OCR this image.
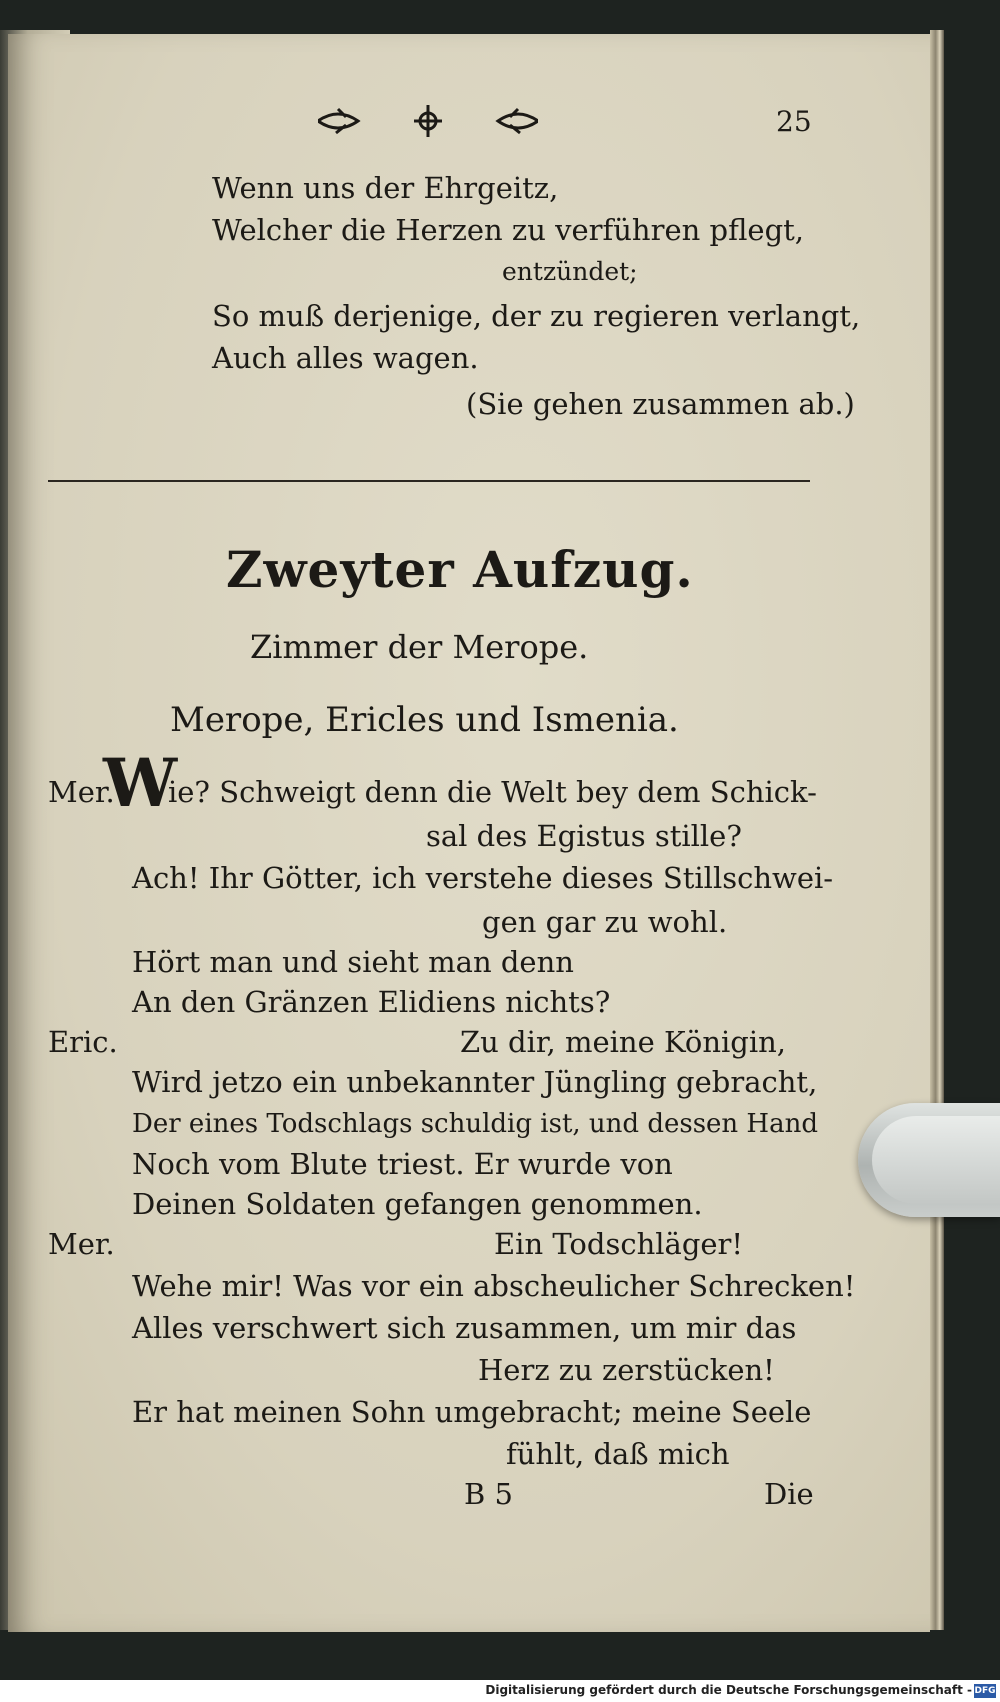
25
Wenn uns der Ehrgeitz,
Welcher die Herzen zu verführen pflegt,
entzündet;
So muß derjenige, der zu regieren verlangt,
Auch alles wagen.
(Sie gehen zusammen ab.)
Zweyter Aufzug.
Zimmer der Merope.
Merope, Ericles und Ismenia.
Mer.
W
ie? Schweigt denn die Welt bey dem Schick-
sal des Egistus stille?
Ach! Ihr Götter, ich verstehe dieses Stillschwei-
gen gar zu wohl.
Hört man und sieht man denn
An den Gränzen Elidiens nichts?
Eric.	Zu dir, meine Königin,
Wird jetzo ein unbekannter Jüngling gebracht,
Der eines Todschlags schuldig ist, und dessen Hand
Noch vom Blute triest. Er wurde von
Deinen Soldaten gefangen genommen.
Mer.	Ein Todschläger!
Wehe mir! Was vor ein abscheulicher Schrecken!
Alles verschwert sich zusammen, um mir das
Herz zu zerstücken!
Er hat meinen Sohn umgebracht; meine Seele
fühlt, daß mich
B 5	Die
Digitalisierung gefördert durch die Deutsche Forschungsgemeinschaft - DFG
